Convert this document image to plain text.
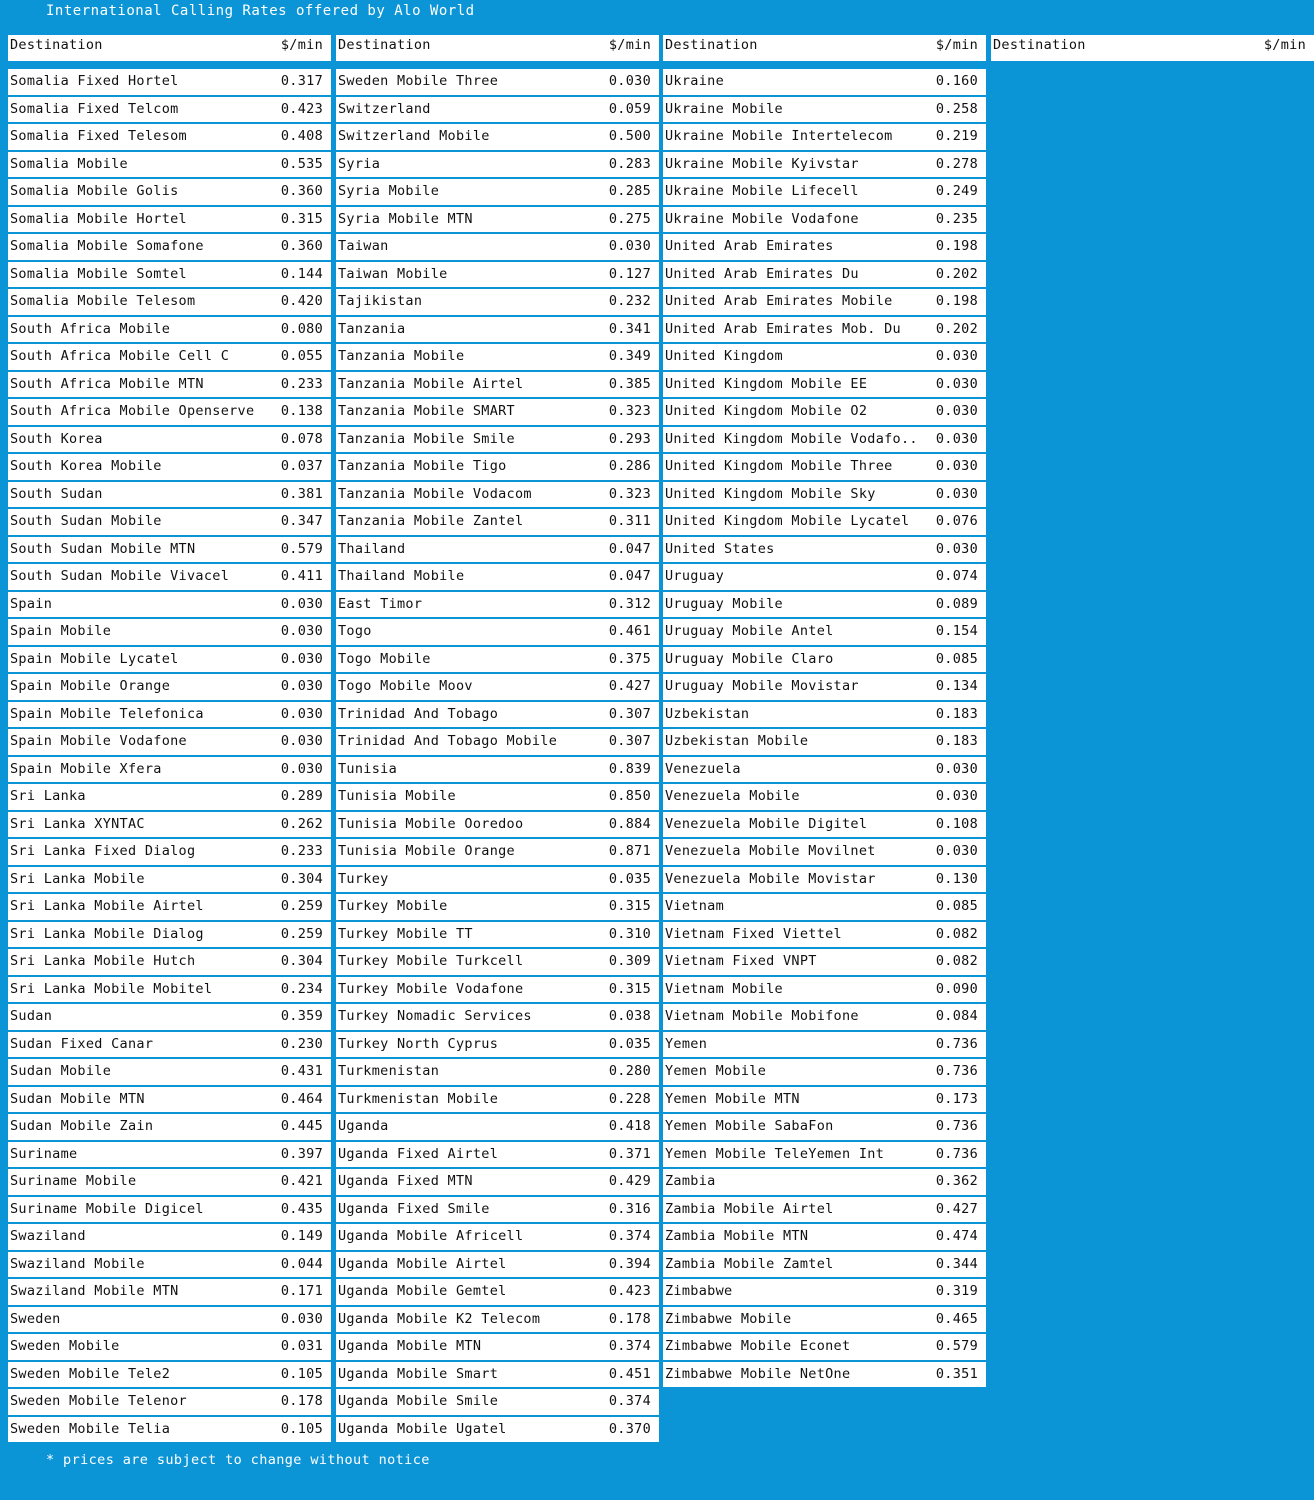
International Calling Rates offered by Alo World
Destination	$/min
Somalia Fixed Hortel	0.317
Somalia Fixed Telcom	0.423
Somalia Fixed Telesom	0.408
Somalia Mobile	0.535
Somalia Mobile Golis	0.360
Somalia Mobile Hortel	0.315
Somalia Mobile Somafone	0.360
Somalia Mobile Somtel	0.144
Somalia Mobile Telesom	0.420
South Africa Mobile	0.080
South Africa Mobile Cell C	0.055
South Africa Mobile MTN	0.233
South Africa Mobile Openserve 0.138
South Korea	0.078
South Korea Mobile	0.037
South Sudan	0.381
South Sudan Mobile	0.347
South Sudan Mobile MTN	0.579
South Sudan Mobile Vivacel	0.411
Spain	0.030
Spain Mobile	0.030
Spain Mobile Lycatel	0.030
Spain Mobile Orange	0.030
Spain Mobile Telefonica	0.030
Spain Mobile Vodafone	0.030
Spain Mobile Xfera	0.030
Sri Lanka	0.289
Sri Lanka XYNTAC	0.262
Sri Lanka Fixed Dialog	0.233
Sri Lanka Mobile	0.304
Sri Lanka Mobile Airtel	0.259
Sri Lanka Mobile Dialog	0.259
Sri Lanka Mobile Hutch	0.304
Sri Lanka Mobile Mobitel	0.234
Sudan	0.359
Sudan Fixed Canar	0.230
Sudan Mobile	0.431
Sudan Mobile MTN	0.464
Sudan Mobile Zain	0.445
Suriname	0.397
Suriname Mobile	0.421
Suriname Mobile Digicel	0.435
Swaziland	0.149
Swaziland Mobile	0.044
Swaziland Mobile MTN	0.171
Sweden	0.030
Sweden Mobile	0.031
Sweden Mobile Tele2	0.105
Sweden Mobile Telenor	0.178
Sweden Mobile Telia	0.105
Destination	$/min
Sweden Mobile Three	0.030
Switzerland	0.059
Switzerland Mobile	0.500
Syria	0.283
Syria Mobile	0.285
Syria Mobile MTN	0.275
Taiwan	0.030
Taiwan Mobile	0.127
Tajikistan	0.232
Tanzania	0.341
Tanzania Mobile	0.349
Tanzania Mobile Airtel	0.385
Tanzania Mobile SMART	0.323
Tanzania Mobile Smile	0.293
Tanzania Mobile Tigo	0.286
Tanzania Mobile Vodacom	0.323
Tanzania Mobile Zantel	0.311
Thailand	0.047
Thailand Mobile	0.047
East Timor	0.312
Togo	0.461
Togo Mobile	0.375
Togo Mobile Moov	0.427
Trinidad And Tobago	0.307
Trinidad And Tobago Mobile	0.307
Tunisia	0.839
Tunisia Mobile	0.850
Tunisia Mobile Ooredoo	0.884
Tunisia Mobile Orange	0.871
Turkey	0.035
Turkey Mobile	0.315
Turkey Mobile TT	0.310
Turkey Mobile Turkcell	0.309
Turkey Mobile Vodafone	0.315
Turkey Nomadic Services	0.038
Turkey North Cyprus	0.035
Turkmenistan	0.280
Turkmenistan Mobile	0.228
Uganda	0.418
Uganda Fixed Airtel	0.371
Uganda Fixed MTN	0.429
Uganda Fixed Smile	0.316
Uganda Mobile Africell	0.374
Uganda Mobile Airtel	0.394
Uganda Mobile Gemtel	0.423
Uganda Mobile K2 Telecom	0.178
Uganda Mobile MTN	0.374
Uganda Mobile Smart	0.451
Uganda Mobile Smile	0.374
Uganda Mobile Ugatel	0.370
Destination	$/min
Ukraine	0.160
Ukraine Mobile	0.258
Ukraine Mobile Intertelecom	0.219
Ukraine Mobile Kyivstar	0.278
Ukraine Mobile Lifecell	0.249
Ukraine Mobile Vodafone	0.235
United Arab Emirates	0.198
United Arab Emirates Du	0.202
United Arab Emirates Mobile	0.198
United Arab Emirates Mob. Du	0.202
United Kingdom	0.030
United Kingdom Mobile EE	0.030
United Kingdom Mobile O2	0.030
United Kingdom Mobile Vodafo.. 0.030
United Kingdom Mobile Three	0.030
United Kingdom Mobile Sky	0.030
United Kingdom Mobile Lycatel 0.076
United States	0.030
Uruguay	0.074
Uruguay Mobile	0.089
Uruguay Mobile Antel	0.154
Uruguay Mobile Claro	0.085
Uruguay Mobile Movistar	0.134
Uzbekistan	0.183
Uzbekistan Mobile	0.183
Venezuela	0.030
Venezuela Mobile	0.030
Venezuela Mobile Digitel	0.108
Venezuela Mobile Movilnet	0.030
Venezuela Mobile Movistar	0.130
Vietnam	0.085
Vietnam Fixed Viettel	0.082
Vietnam Fixed VNPT	0.082
Vietnam Mobile	0.090
Vietnam Mobile Mobifone	0.084
Yemen	0.736
Yemen Mobile	0.736
Yemen Mobile MTN	0.173
Yemen Mobile SabaFon	0.736
Yemen Mobile TeleYemen Int	0.736
Zambia	0.362
Zambia Mobile Airtel	0.427
Zambia Mobile MTN	0.474
Zambia Mobile Zamtel	0.344
Zimbabwe	0.319
Zimbabwe Mobile	0.465
Zimbabwe Mobile Econet	0.579
Zimbabwe Mobile NetOne	0.351
Destination	$/min
* prices are subject to change without notice
